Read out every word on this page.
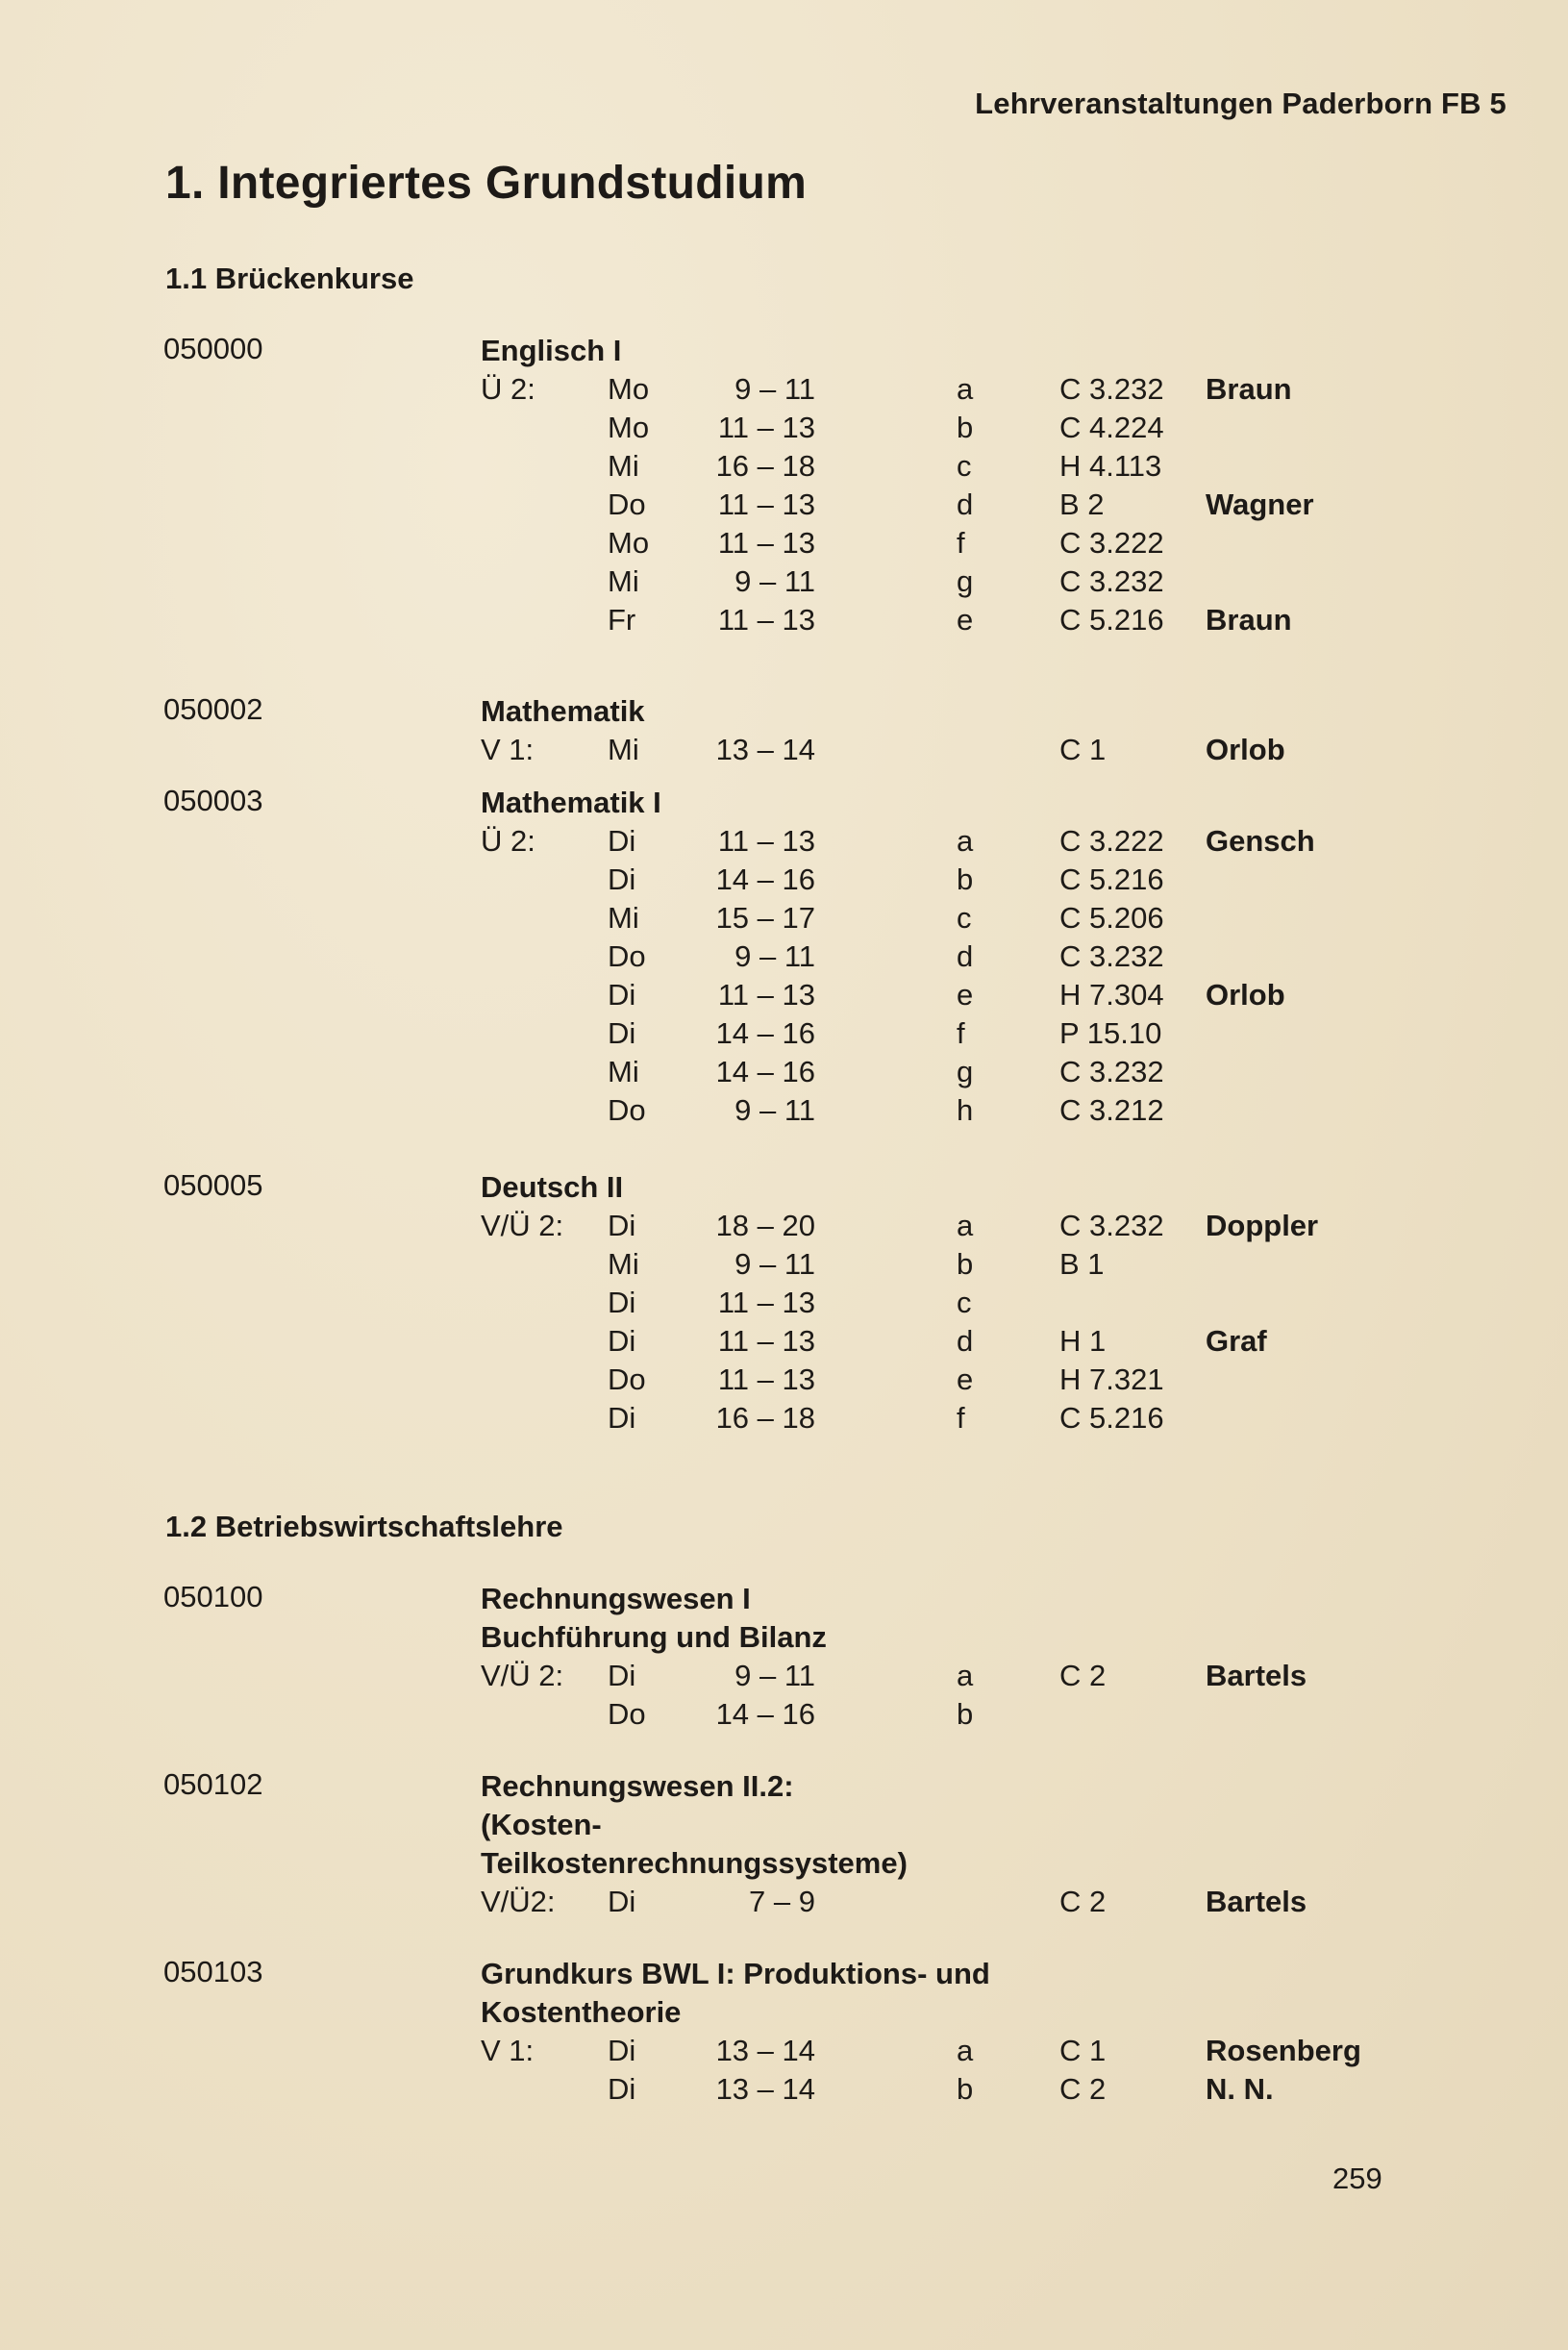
Lehrveranstaltungen Paderborn FB 5
1. Integriertes Grundstudium
1.1 Brückenkurse
050000	Englisch I
Ü 2: Mo	9 – 11	a	C 3.232 Braun
Mo	11 – 13	b	C 4.224
Mi	16 – 18	c	H 4.113
Do	11 – 13	d	B 2	Wagner
Mo	11 – 13	f	C 3.222
Mi	9 – 11	g	C 3.232
Fr	11 – 13	e	C 5.216 Braun
050002	Mathematik
V 1: Mi	13 – 14	C 1	Orlob
050003	Mathematik I
Ü 2: Di	11 – 13	a	C 3.222 Gensch
Di	14 – 16	b	C 5.216
Mi	15 – 17	c	C 5.206
Do	9 – 11	d	C 3.232
Di	11 – 13	e	H 7.304 Orlob
Di	14 – 16	f	P 15.10
Mi	14 – 16	g	C 3.232
Do	9 – 11	h	C 3.212
050005	Deutsch II
V/Ü 2: Di	18 – 20	a	C 3.232 Doppler
Mi	9 – 11	b	B 1
Di	11 – 13	c
Di	11 – 13	d	H 1	Graf
Do	11 – 13	e	H 7.321
Di	16 – 18	f	C 5.216
1.2 Betriebswirtschaftslehre
050100	Rechnungswesen I
Buchführung und Bilanz
V/Ü 2: Di	9 – 11	a	C 2	Bartels
Do 14 – 16	b
050102	Rechnungswesen II.2:
(Kosten-
Teilkostenrechnungssysteme)
V/Ü2: Di	7 – 9	C 2	Bartels
050103	Grundkurs BWL I: Produktions- und
Kostentheorie
V 1: Di	13 – 14	a	C 1	Rosenberg
Di	13 – 14	b	C 2	N. N.
259
